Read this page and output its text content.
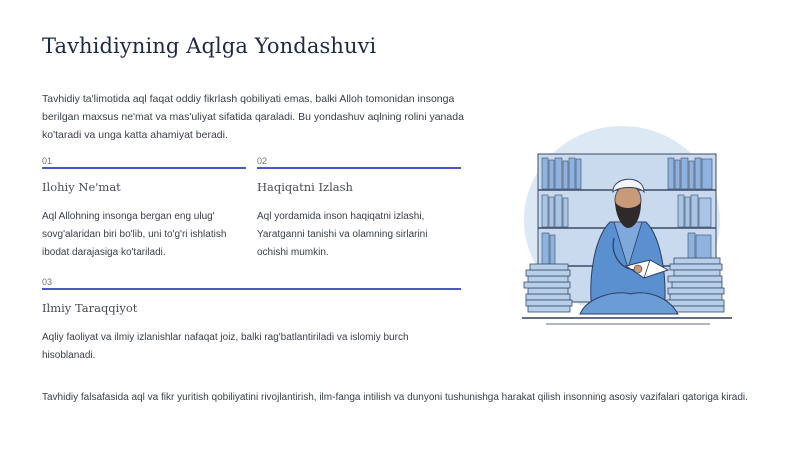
Tavhidiyning Aqlga Yondashuvi

Tavhidiy ta'limotida aql faqat oddiy fikrlash qobiliyati emas, balki Alloh tomonidan insonga berilgan maxsus ne'mat va mas'uliyat sifatida qaraladi. Bu yondashuv aqlning rolini yanada ko'taradi va unga katta ahamiyat beradi.

01
Ilohiy Ne'mat
Aql Allohning insonga bergan eng ulug' sovg'alaridan biri bo'lib, uni to'g'ri ishlatish ibodat darajasiga ko'tariladi.
02
Haqiqatni Izlash
Aql yordamida inson haqiqatni izlashi, Yaratganni tanishi va olamning sirlarini ochishi mumkin.
03
Ilmiy Taraqqiyot
Aqliy faoliyat va ilmiy izlanishlar nafaqat joiz, balki rag'batlantiriladi va islomiy burch hisoblanadi.

Tavhidiy falsafasida aql va fikr yuritish qobiliyatini rivojlantirish, ilm-fanga intilish va dunyoni tushunishga harakat qilish insonning asosiy vazifalari qatoriga kiradi.
